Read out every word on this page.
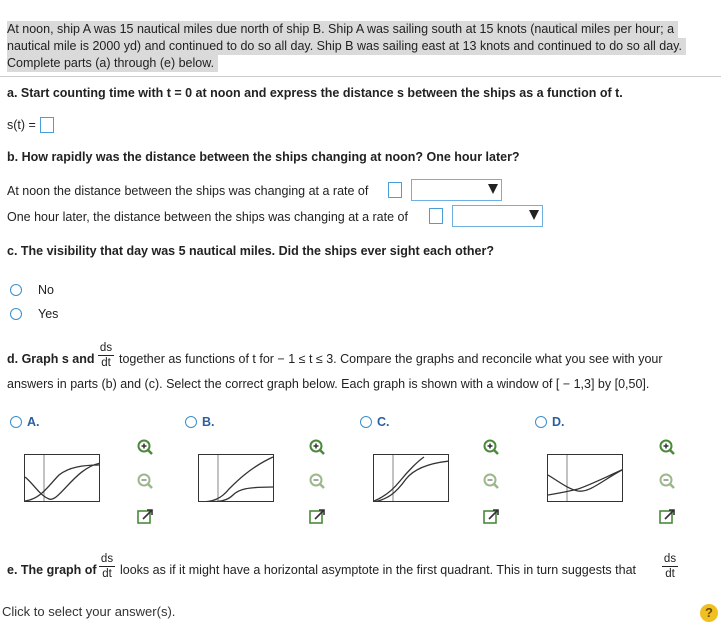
At noon, ship A was 15 nautical miles due north of ship B. Ship A was sailing south at 15 knots (nautical miles per hour; a
nautical mile is 2000 yd) and continued to do so all day. Ship B was sailing east at 13 knots and continued to do so all day.
Complete parts (a) through (e) below.
a. Start counting time with t = 0 at noon and express the distance s between the ships as a function of t.
s(t) =
b. How rapidly was the distance between the ships changing at noon? One hour later?
At noon the distance between the ships was changing at a rate of
One hour later, the distance between the ships was changing at a rate of
c. The visibility that day was 5 nautical miles. Did the ships ever sight each other?
No
Yes
d. Graph s and
ds
dt together as functions of t for − 1 ≤ t ≤ 3. Compare the graphs and reconcile what you see with your
answers in parts (b) and (c). Select the correct graph below. Each graph is shown with a window of [ − 1,3] by [0,50].
A.	B.	C.	D.
e. The graph of
ds
dt looks as if it might have a horizontal asymptote in the first quadrant. This in turn suggests that
ds
dt
Click to select your answer(s).	?
